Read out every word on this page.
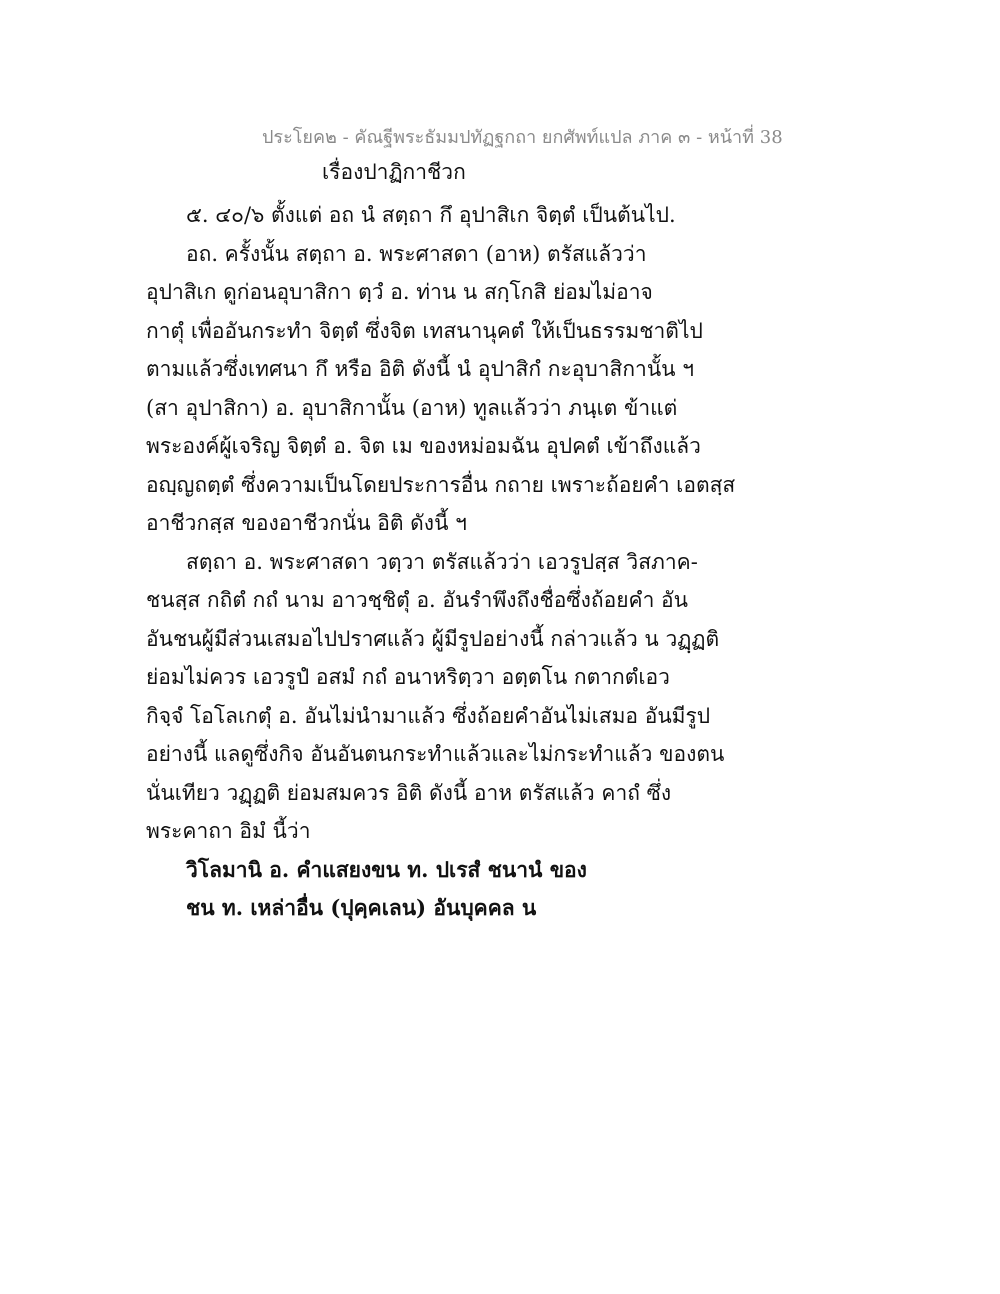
ประโยค๒ - คัณฐีพระธัมมปทัฏฐกถา ยกศัพท์แปล ภาค ๓ - หน้าที่ 38
เรื่องปาฏิกาชีวก
๕. ๔๐/๖ ตั้งแต่ อถ นํ สตฺถา กึ อุปาสิเก จิตฺตํ เป็นต้นไป.
อถ. ครั้งนั้น สตฺถา อ. พระศาสดา (อาห) ตรัสแล้วว่า
อุปาสิเก ดูก่อนอุบาสิกา ตฺวํ อ. ท่าน น สกฺโกสิ ย่อมไม่อาจ
กาตุํ เพื่ออันกระทำ จิตฺตํ ซึ่งจิต เทสนานุคตํ ให้เป็นธรรมชาติไป
ตามแล้วซึ่งเทศนา กึ หรือ อิติ ดังนี้ นํ อุปาสิกํ กะอุบาสิกานั้น ฯ
(สา อุปาสิกา) อ. อุบาสิกานั้น (อาห) ทูลแล้วว่า ภนฺเต ข้าแต่
พระองค์ผู้เจริญ จิตฺตํ อ. จิต เม ของหม่อมฉัน อุปคตํ เข้าถึงแล้ว
อญฺญถตฺตํ ซึ่งความเป็นโดยประการอื่น กถาย เพราะถ้อยคำ เอตสฺส
อาชีวกสฺส ของอาชีวกนั่น อิติ ดังนี้ ฯ
สตฺถา อ. พระศาสดา วตฺวา ตรัสแล้วว่า เอวรูปสฺส วิสภาค-
ชนสฺส กถิตํ กถํ นาม อาวชฺชิตุํ อ. อันรำพึงถึงชื่อซึ่งถ้อยคำ อัน
อันชนผู้มีส่วนเสมอไปปราศแล้ว ผู้มีรูปอย่างนี้ กล่าวแล้ว น วฏฺฏติ
ย่อมไม่ควร เอวรูปํ อสมํ กถํ อนาหริตฺวา อตฺตโน กตากตํเอว
กิจฺจํ โอโลเกตุํ อ. อันไม่นำมาแล้ว ซึ่งถ้อยคำอันไม่เสมอ อันมีรูป
อย่างนี้ แลดูซึ่งกิจ อันอันตนกระทำแล้วและไม่กระทำแล้ว ของตน
นั่นเทียว วฏฺฏติ ย่อมสมควร อิติ ดังนี้ อาห ตรัสแล้ว คาถํ ซึ่ง
พระคาถา อิมํ นี้ว่า
วิโลมานิ อ. คำแสยงขน ท. ปเรสํ ชนานํ ของ
ชน ท. เหล่าอื่น (ปุคฺคเลน) อันบุคคล น
